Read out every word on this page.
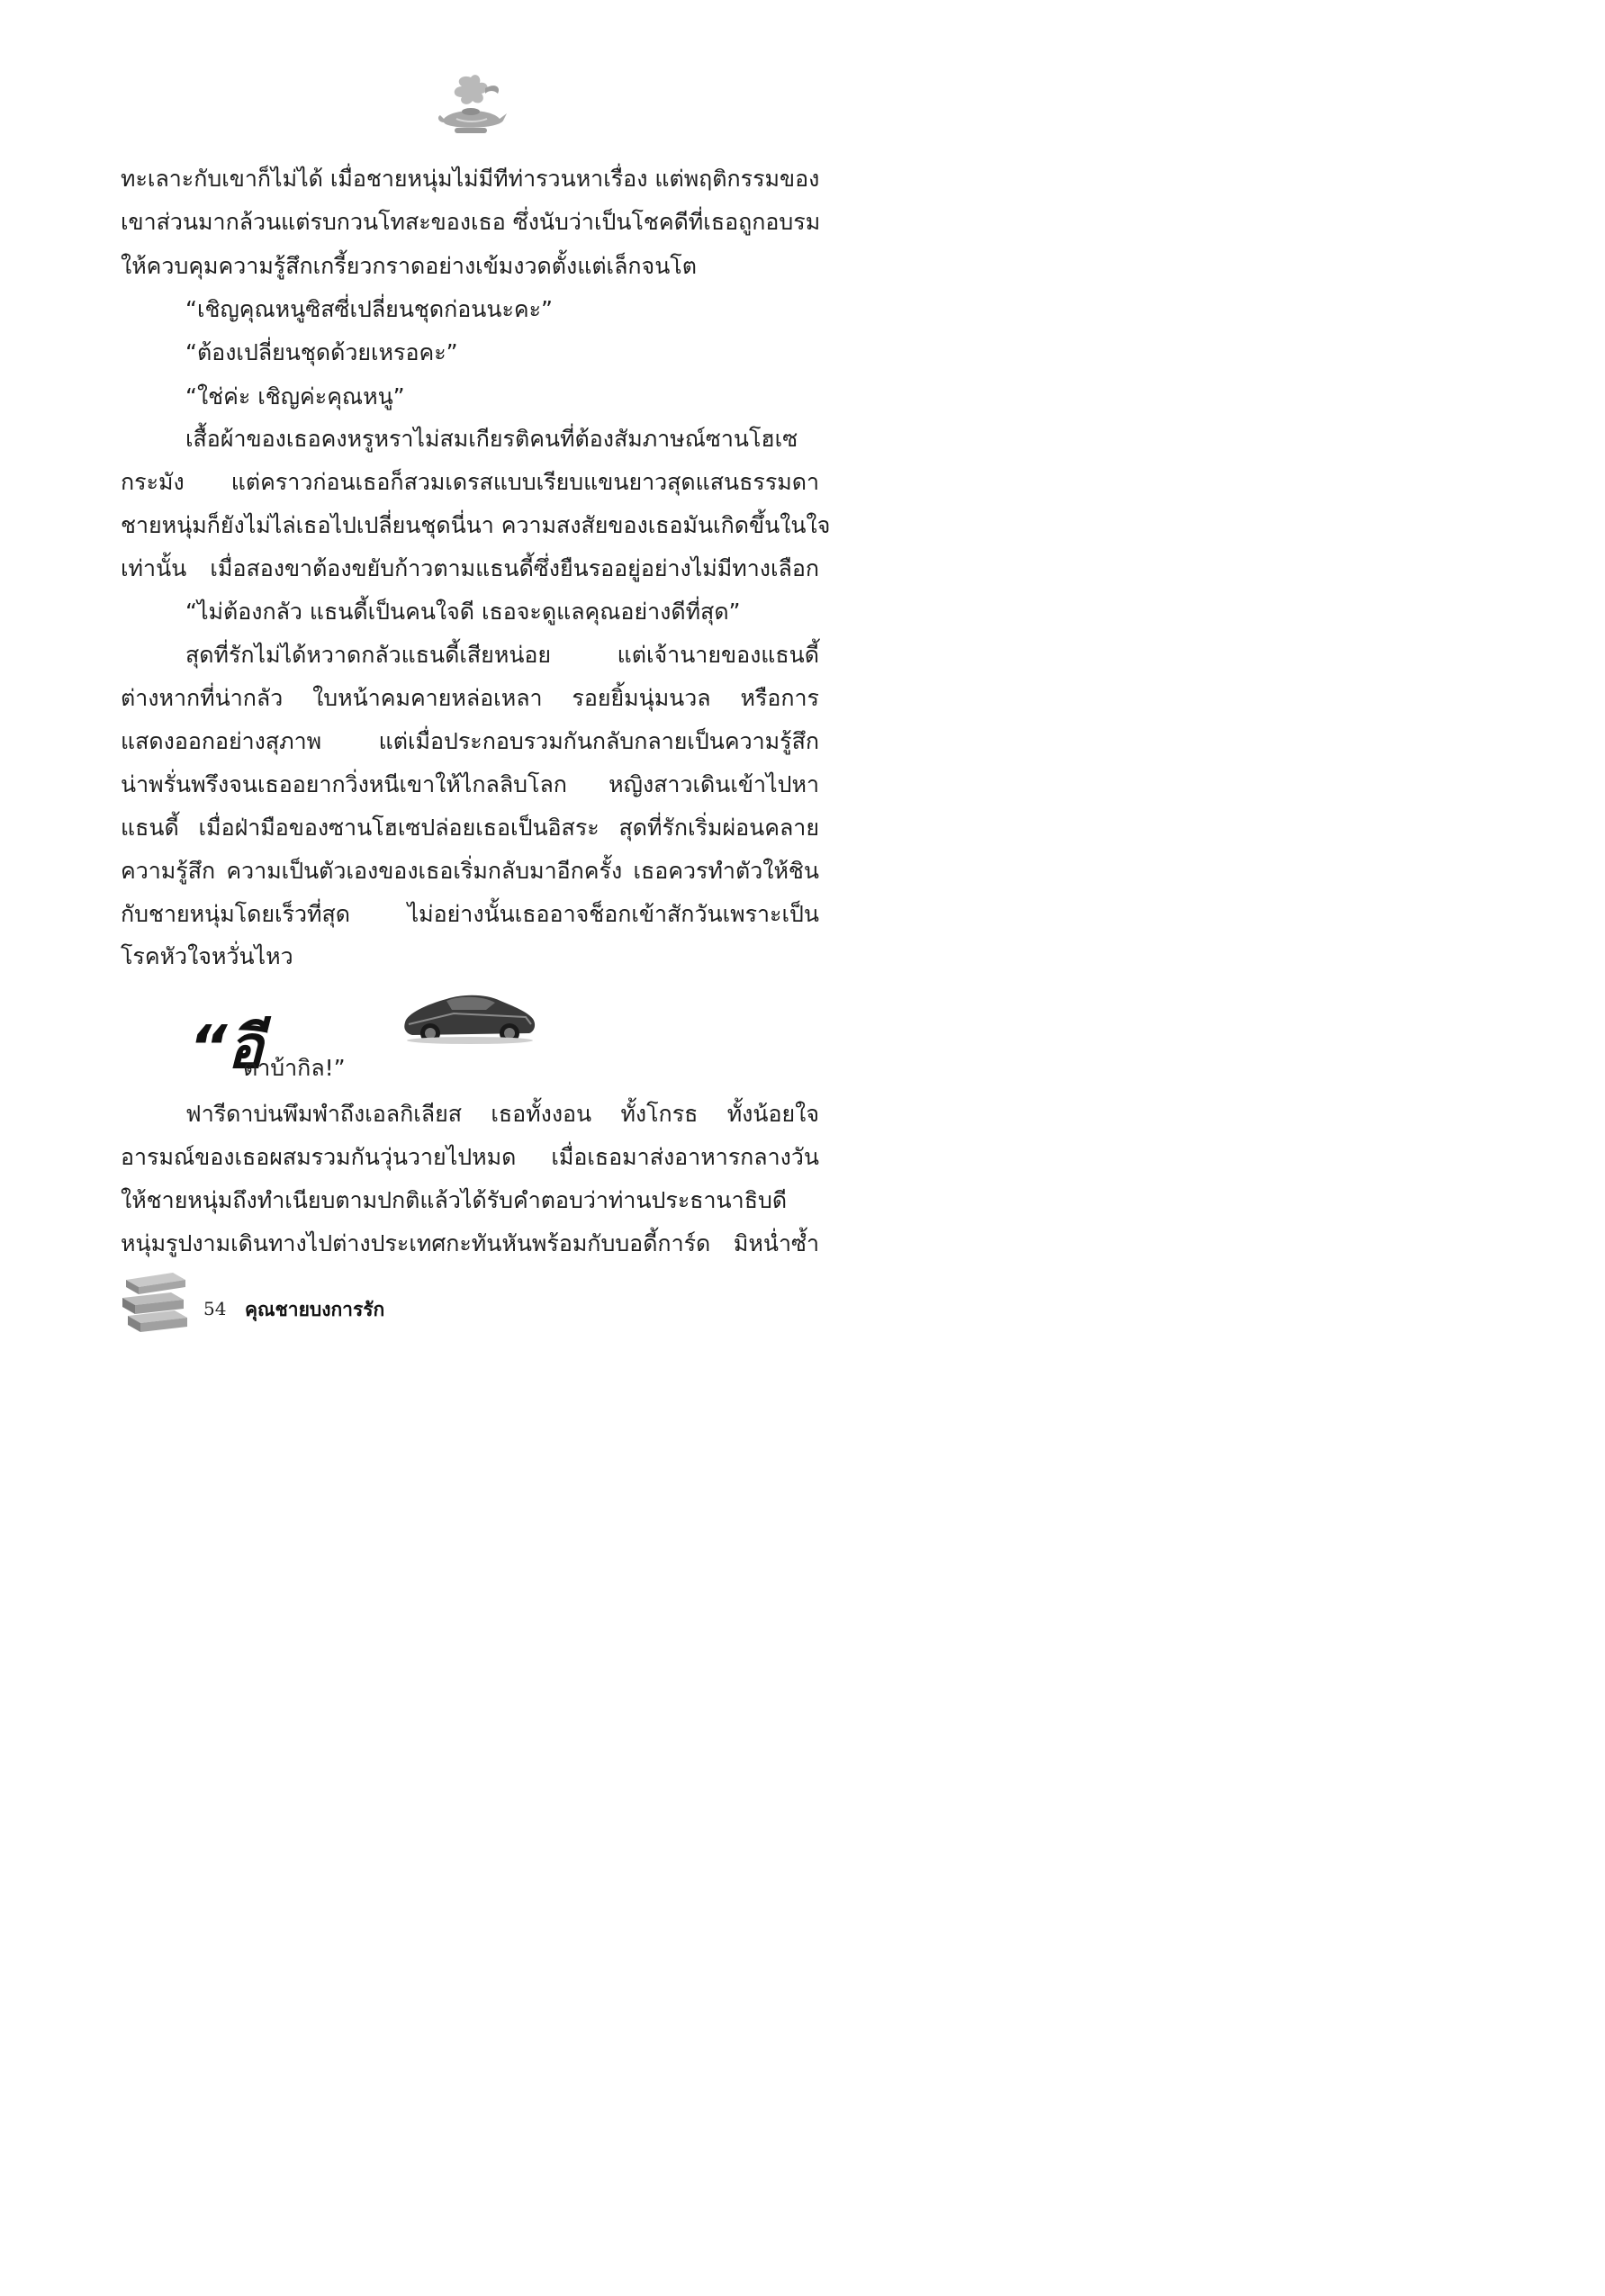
ทะเลาะกับเขาก็ไม่ได้ เมื่อชายหนุ่มไม่มีทีท่ารวนหาเรื่อง แต่พฤติกรรมของ
เขาส่วนมากล้วนแต่รบกวนโทสะของเธอ ซึ่งนับว่าเป็นโชคดีที่เธอถูกอบรม
ให้ควบคุมความรู้สึกเกรี้ยวกราดอย่างเข้มงวดตั้งแต่เล็กจนโต
“เชิญคุณหนูซิสซี่เปลี่ยนชุดก่อนนะคะ”
“ต้องเปลี่ยนชุดด้วยเหรอคะ”
“ใช่ค่ะ เชิญค่ะคุณหนู”
เสื้อผ้าของเธอคงหรูหราไม่สมเกียรติคนที่ต้องสัมภาษณ์ซานโฮเซ
กระมัง แต่คราวก่อนเธอก็สวมเดรสแบบเรียบแขนยาวสุดแสนธรรมดา
ชายหนุ่มก็ยังไม่ไล่เธอไปเปลี่ยนชุดนี่นา ความสงสัยของเธอมันเกิดขึ้นในใจ
เท่านั้น เมื่อสองขาต้องขยับก้าวตามแธนดี้ซึ่งยืนรออยู่อย่างไม่มีทางเลือก
“ไม่ต้องกลัว แธนดี้เป็นคนใจดี เธอจะดูแลคุณอย่างดีที่สุด”
สุดที่รักไม่ได้หวาดกลัวแธนดี้เสียหน่อย แต่เจ้านายของแธนดี้
ต่างหากที่น่ากลัว ใบหน้าคมคายหล่อเหลา รอยยิ้มนุ่มนวล หรือการ
แสดงออกอย่างสุภาพ แต่เมื่อประกอบรวมกันกลับกลายเป็นความรู้สึก
น่าพรั่นพรึงจนเธออยากวิ่งหนีเขาให้ไกลลิบโลก หญิงสาวเดินเข้าไปหา
แธนดี้ เมื่อฝ่ามือของซานโฮเซปล่อยเธอเป็นอิสระ สุดที่รักเริ่มผ่อนคลาย
ความรู้สึก ความเป็นตัวเองของเธอเริ่มกลับมาอีกครั้ง เธอควรทำตัวให้ชิน
กับชายหนุ่มโดยเร็วที่สุด ไม่อย่างนั้นเธออาจช็อกเข้าสักวันเพราะเป็น
โรคหัวใจหวั่นไหว
“อี
ตาบ้ากิล!”
ฟารีดาบ่นพึมพำถึงเอลกิเลียส เธอทั้งงอน ทั้งโกรธ ทั้งน้อยใจ
อารมณ์ของเธอผสมรวมกันวุ่นวายไปหมด เมื่อเธอมาส่งอาหารกลางวัน
ให้ชายหนุ่มถึงทำเนียบตามปกติแล้วได้รับคำตอบว่าท่านประธานาธิบดี
หนุ่มรูปงามเดินทางไปต่างประเทศกะทันหันพร้อมกับบอดี้การ์ด มิหน่ำซ้ำ
54 คุณชายบงการรัก
